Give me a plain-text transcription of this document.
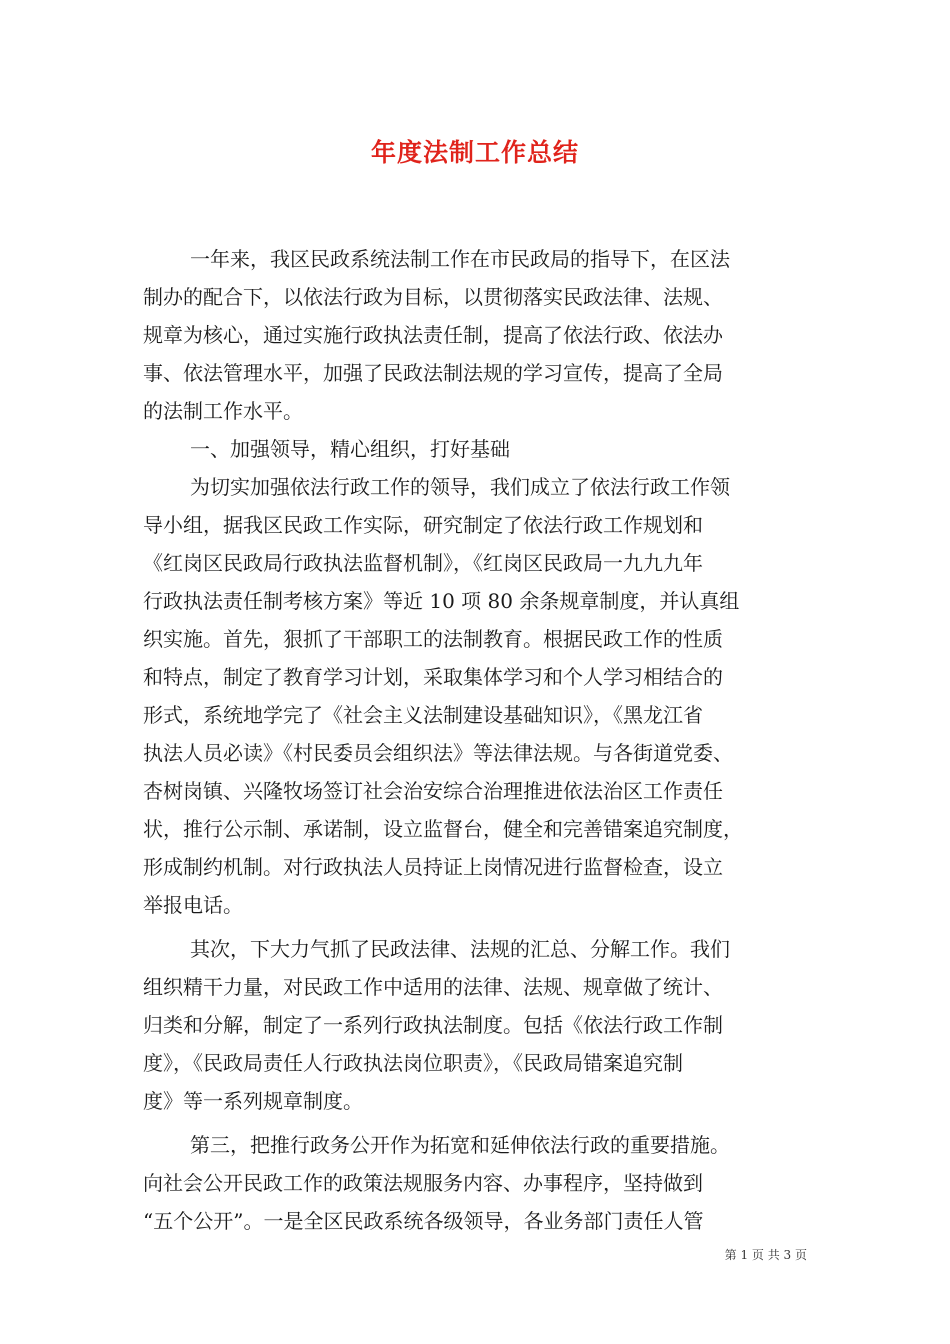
年度法制工作总结
一年来，我区民政系统法制工作在市民政局的指导下，在区法
制办的配合下，以依法行政为目标，以贯彻落实民政法律、法规、
规章为核心，通过实施行政执法责任制，提高了依法行政、依法办
事、依法管理水平，加强了民政法制法规的学习宣传，提高了全局
的法制工作水平。
一、加强领导，精心组织，打好基础
为切实加强依法行政工作的领导，我们成立了依法行政工作领
导小组，据我区民政工作实际，研究制定了依法行政工作规划和
《红岗区民政局行政执法监督机制》，《红岗区民政局一九九九年
行政执法责任制考核方案》等近 10 项 80 余条规章制度，并认真组
织实施。首先，狠抓了干部职工的法制教育。根据民政工作的性质
和特点，制定了教育学习计划，采取集体学习和个人学习相结合的
形式，系统地学完了《社会主义法制建设基础知识》，《黑龙江省
执法人员必读》《村民委员会组织法》等法律法规。与各街道党委、
杏树岗镇、兴隆牧场签订社会治安综合治理推进依法治区工作责任
状，推行公示制、承诺制，设立监督台，健全和完善错案追究制度，
形成制约机制。对行政执法人员持证上岗情况进行监督检查，设立
举报电话。
其次，下大力气抓了民政法律、法规的汇总、分解工作。我们
组织精干力量，对民政工作中适用的法律、法规、规章做了统计、
归类和分解，制定了一系列行政执法制度。包括《依法行政工作制
度》，《民政局责任人行政执法岗位职责》，《民政局错案追究制
度》等一系列规章制度。
第三，把推行政务公开作为拓宽和延伸依法行政的重要措施。
向社会公开民政工作的政策法规服务内容、办事程序，坚持做到
“五个公开”。一是全区民政系统各级领导，各业务部门责任人管
第 1 页 共 3 页
